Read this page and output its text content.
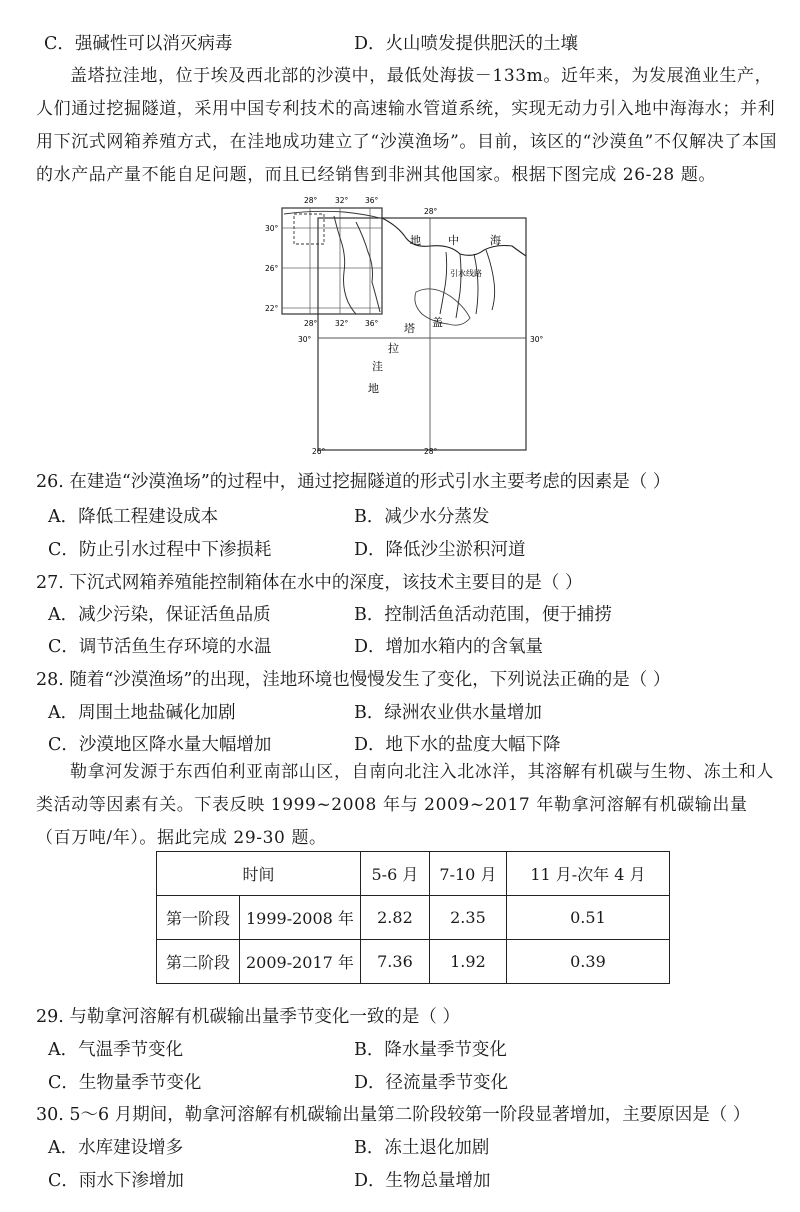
C．强碱性可以消灭病毒	D．火山喷发提供肥沃的土壤
盖塔拉洼地，位于埃及西北部的沙漠中，最低处海拔－133m。近年来，为发展渔业生产，人们通过挖掘隧道，采用中国专利技术的高速输水管道系统，实现无动力引入地中海海水；并利用下沉式网箱养殖方式，在洼地成功建立了“沙漠渔场”。目前，该区的“沙漠鱼”不仅解决了本国的水产品产量不能自足问题，而且已经销售到非洲其他国家。根据下图完成 26-28 题。
28° 32° 36°
28° 32° 36°
30°
26°
22°
28°
30°	30°
26°	28°
地 中	海
引水线路
盖
塔
拉
洼
地
26. 在建造“沙漠渔场”的过程中，通过挖掘隧道的形式引水主要考虑的因素是（ ）
A．降低工程建设成本	B．减少水分蒸发
C．防止引水过程中下渗损耗	D．降低沙尘淤积河道
27. 下沉式网箱养殖能控制箱体在水中的深度，该技术主要目的是（ ）
A．减少污染，保证活鱼品质	B．控制活鱼活动范围，便于捕捞
C．调节活鱼生存环境的水温	D．增加水箱内的含氧量
28. 随着“沙漠渔场”的出现，洼地环境也慢慢发生了变化，下列说法正确的是（ ）
A．周围土地盐碱化加剧	B．绿洲农业供水量增加
C．沙漠地区降水量大幅增加	D．地下水的盐度大幅下降
勒拿河发源于东西伯利亚南部山区，自南向北注入北冰洋，其溶解有机碳与生物、冻土和人类活动等因素有关。下表反映 1999~2008 年与 2009~2017 年勒拿河溶解有机碳输出量（百万吨/年）。据此完成 29-30 题。
时间		5-6 月	7-10 月	11 月-次年 4 月
第一阶段	1999-2008 年	2.82	2.35	0.51
第二阶段	2009-2017 年	7.36	1.92	0.39
29. 与勒拿河溶解有机碳输出量季节变化一致的是（ ）
A．气温季节变化	B．降水量季节变化
C．生物量季节变化	D．径流量季节变化
30. 5～6 月期间，勒拿河溶解有机碳输出量第二阶段较第一阶段显著增加，主要原因是（ ）
A．水库建设增多	B．冻土退化加剧
C．雨水下渗增加	D．生物总量增加
